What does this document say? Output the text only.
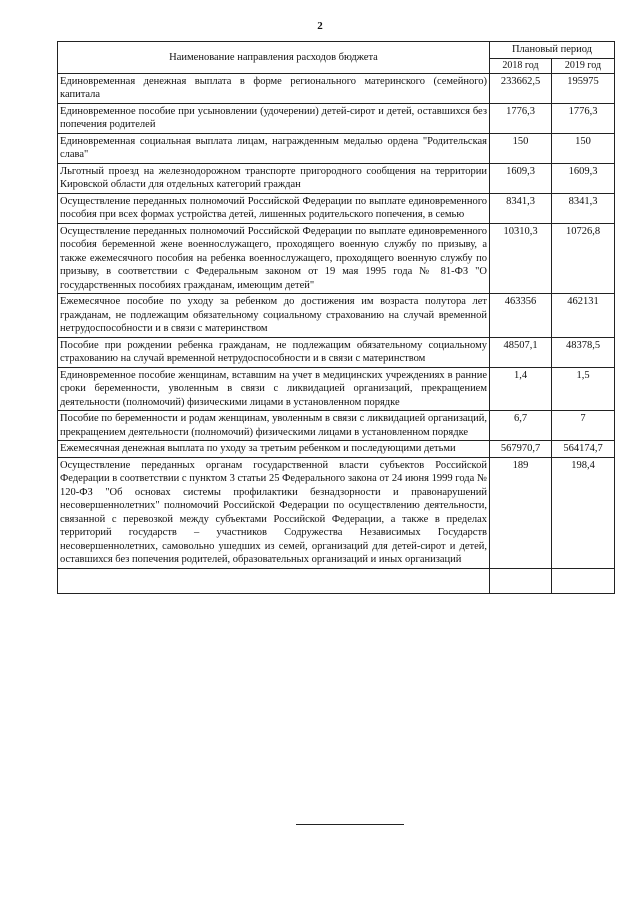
2
Наименование направления расходов бюджета	Плановый период	
	2018 год	2019 год
Единовременная денежная выплата в форме регионального материнского (семейного) капитала	233662,5	195975
Единовременное пособие при усыновлении (удочерении) детей-сирот и детей, оставшихся без попечения родителей	1776,3	1776,3
Единовременная социальная выплата лицам, награжденным медалью ордена "Родительская слава"	150	150
Льготный проезд на железнодорожном транспорте пригородного сообщения на территории Кировской области для отдельных категорий граждан	1609,3	1609,3
Осуществление переданных полномочий Российской Федерации по выплате единовременного пособия при всех формах устройства детей, лишенных родительского попечения, в семью	8341,3	8341,3
Осуществление переданных полномочий Российской Федерации по выплате единовременного пособия беременной жене военнослужащего, проходящего военную службу по призыву, а также ежемесячного пособия на ребенка военнослужащего, проходящего военную службу по призыву, в соответствии с Федеральным законом от 19 мая 1995 года № 81-ФЗ "О государственных пособиях гражданам, имеющим детей"	10310,3	10726,8
Ежемесячное пособие по уходу за ребенком до достижения им возраста полутора лет гражданам, не подлежащим обязательному социальному страхованию на случай временной нетрудоспособности и в связи с материнством	463356	462131
Пособие при рождении ребенка гражданам, не подлежащим обязательному социальному страхованию на случай временной нетрудоспособности и в связи с материнством	48507,1	48378,5
Единовременное пособие женщинам, вставшим на учет в медицинских учреждениях в ранние сроки беременности, уволенным в связи с ликвидацией организаций, прекращением деятельности (полномочий) физическими лицами в установленном порядке	1,4	1,5
Пособие по беременности и родам женщинам, уволенным в связи с ликвидацией организаций, прекращением деятельности (полномочий) физическими лицами в установленном порядке	6,7	7
Ежемесячная денежная выплата по уходу за третьим ребенком и последующими детьми	567970,7	564174,7
Осуществление переданных органам государственной власти субъектов Российской Федерации в соответствии с пунктом 3 статьи 25 Федерального закона от 24 июня 1999 года № 120-ФЗ "Об основах системы профилактики безнадзорности и правонарушений несовершеннолетних" полномочий Российской Федерации по осуществлению деятельности, связанной с перевозкой между субъектами Российской Федерации, а также в пределах территорий государств – участников Содружества Независимых Государств несовершеннолетних, самовольно ушедших из семей, организаций для детей-сирот и детей, оставшихся без попечения родителей, образовательных организаций и иных организаций	189	198,4
